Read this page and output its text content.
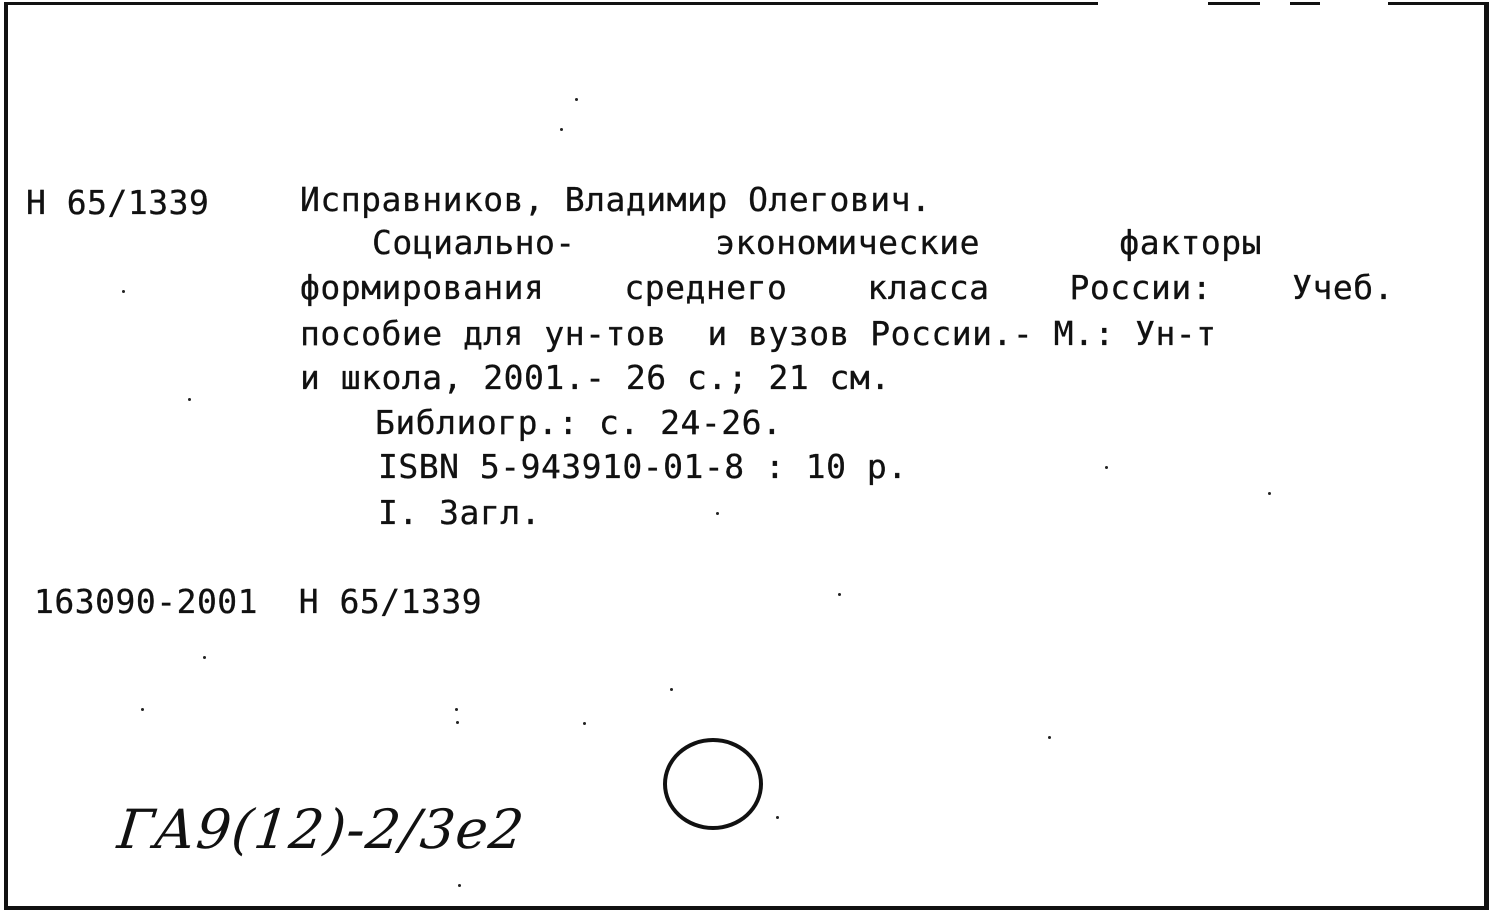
Н 65/1339	Исправников, Владимир Олегович.
Социально-	экономические	факторы
формирования среднего класса России: Учеб.
пособие для ун-тов  и вузов России.- М.: Ун-т
и школа, 2001.- 26 с.; 21 см.
Библиогр.: с. 24-26.
ISBN 5-943910-01-8 : 10 р.
I. Загл.
163090-2001  Н 65/1339
ГА9(12)-2/3е2
